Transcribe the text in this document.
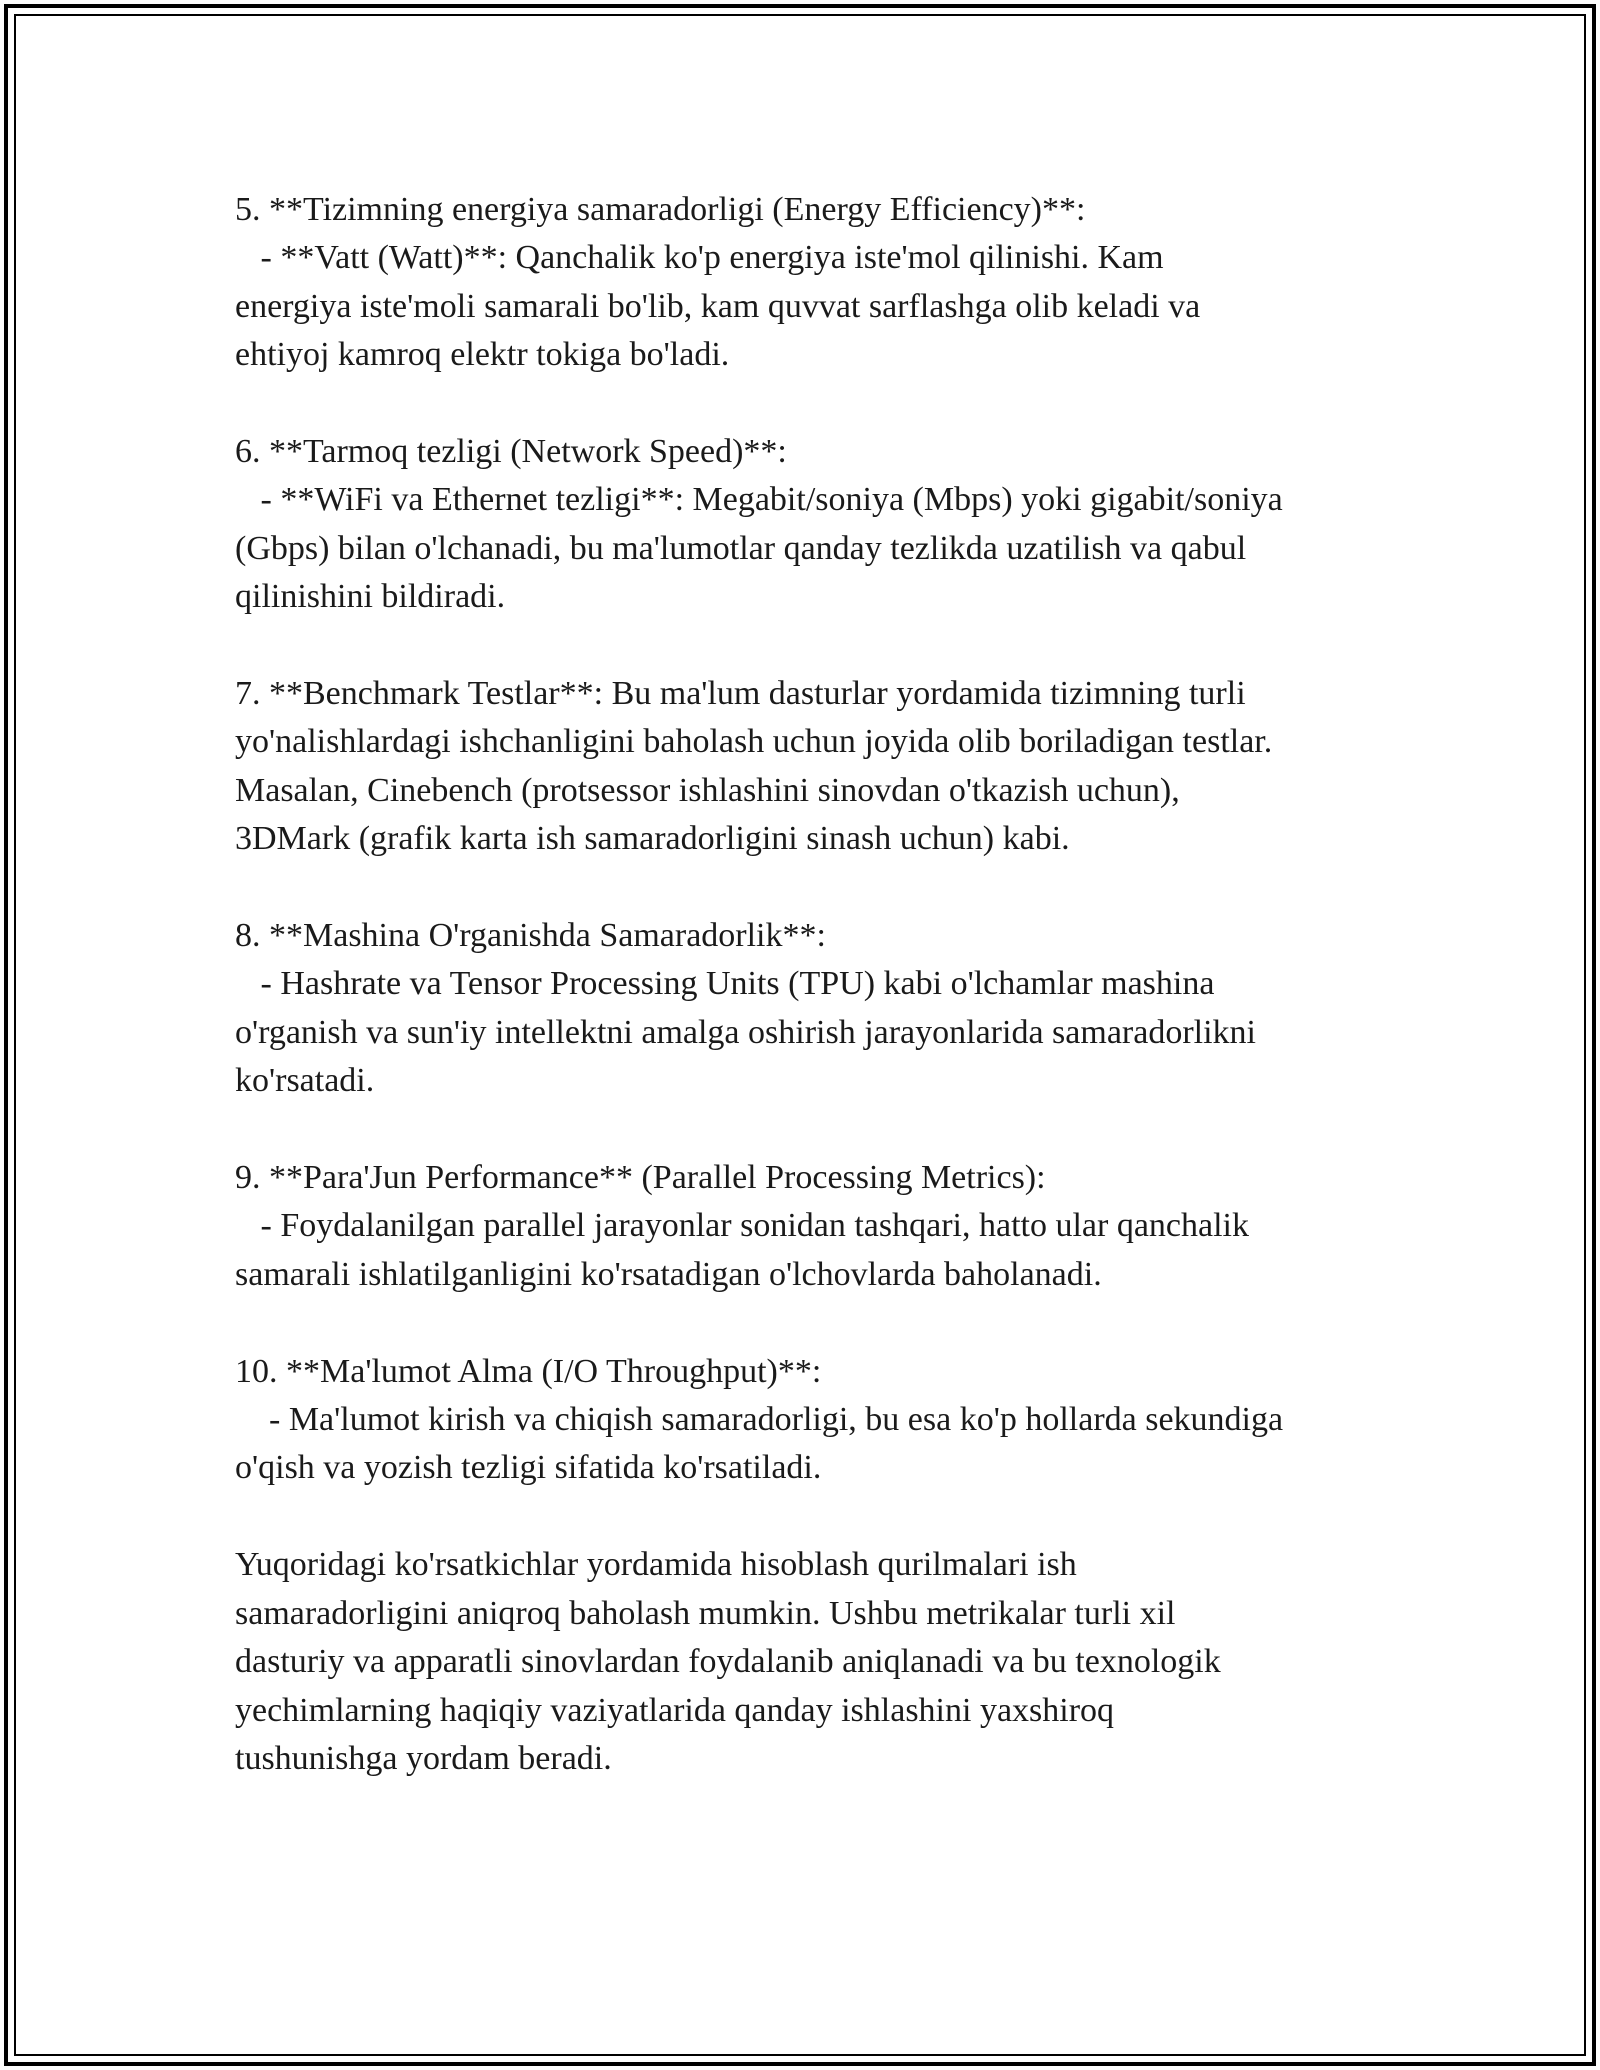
5. **Tizimning energiya samaradorligi (Energy Efficiency)**:
- **Vatt (Watt)**: Qanchalik ko'p energiya iste'mol qilinishi. Kam
energiya iste'moli samarali bo'lib, kam quvvat sarflashga olib keladi va
ehtiyoj kamroq elektr tokiga bo'ladi.
6. **Tarmoq tezligi (Network Speed)**:
- **WiFi va Ethernet tezligi**: Megabit/soniya (Mbps) yoki gigabit/soniya
(Gbps) bilan o'lchanadi, bu ma'lumotlar qanday tezlikda uzatilish va qabul
qilinishini bildiradi.
7. **Benchmark Testlar**: Bu ma'lum dasturlar yordamida tizimning turli
yo'nalishlardagi ishchanligini baholash uchun joyida olib boriladigan testlar.
Masalan, Cinebench (protsessor ishlashini sinovdan o'tkazish uchun),
3DMark (grafik karta ish samaradorligini sinash uchun) kabi.
8. **Mashina O'rganishda Samaradorlik**:
- Hashrate va Tensor Processing Units (TPU) kabi o'lchamlar mashina
o'rganish va sun'iy intellektni amalga oshirish jarayonlarida samaradorlikni
ko'rsatadi.
9. **Para'Jun Performance** (Parallel Processing Metrics):
- Foydalanilgan parallel jarayonlar sonidan tashqari, hatto ular qanchalik
samarali ishlatilganligini ko'rsatadigan o'lchovlarda baholanadi.
10. **Ma'lumot Alma (I/O Throughput)**:
- Ma'lumot kirish va chiqish samaradorligi, bu esa ko'p hollarda sekundiga
o'qish va yozish tezligi sifatida ko'rsatiladi.
Yuqoridagi ko'rsatkichlar yordamida hisoblash qurilmalari ish
samaradorligini aniqroq baholash mumkin. Ushbu metrikalar turli xil
dasturiy va apparatli sinovlardan foydalanib aniqlanadi va bu texnologik
yechimlarning haqiqiy vaziyatlarida qanday ishlashini yaxshiroq
tushunishga yordam beradi.
